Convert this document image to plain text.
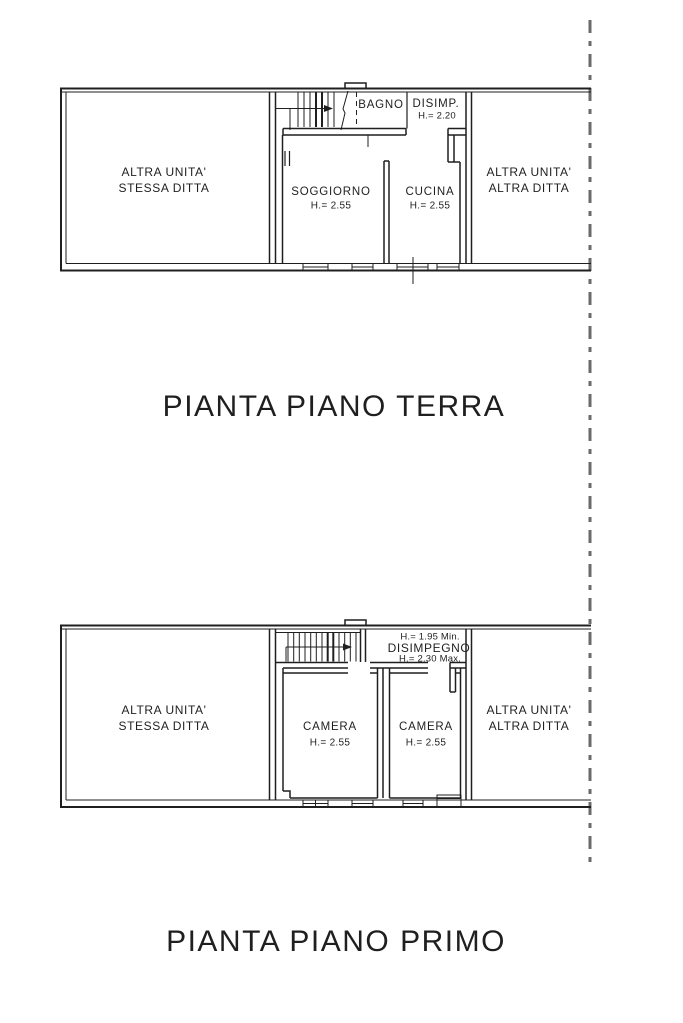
ALTRA UNITA'
STESSA DITTA
BAGNO DISIMP.
H.= 2.20
SOGGIORNO
H.= 2.55
CUCINA
H.= 2.55
ALTRA UNITA'
ALTRA DITTA
PIANTA PIANO TERRA
ALTRA UNITA'
STESSA DITTA
H.= 1.95 Min.
DISIMPEGNO
H.= 2.30 Max.
CAMERA
H.= 2.55
CAMERA
H.= 2.55
ALTRA UNITA'
ALTRA DITTA
PIANTA PIANO PRIMO
